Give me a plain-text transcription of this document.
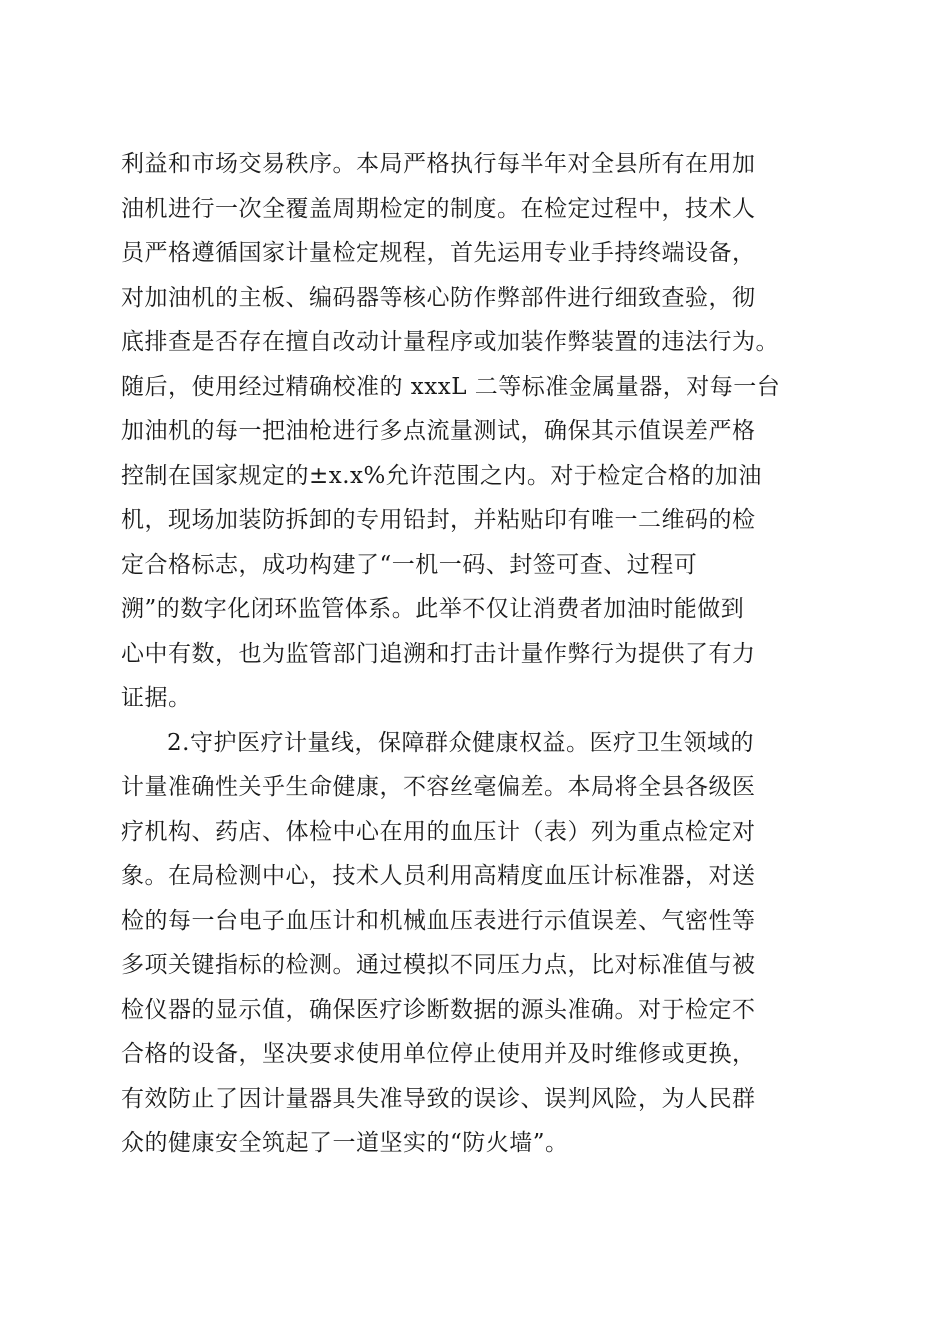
利益和市场交易秩序。本局严格执行每半年对全县所有在用加
油机进行一次全覆盖周期检定的制度。在检定过程中，技术人
员严格遵循国家计量检定规程，首先运用专业手持终端设备，
对加油机的主板、编码器等核心防作弊部件进行细致查验，彻
底排查是否存在擅自改动计量程序或加装作弊装置的违法行为。
随后，使用经过精确校准的 xxxL 二等标准金属量器，对每一台
加油机的每一把油枪进行多点流量测试，确保其示值误差严格
控制在国家规定的±x.x%允许范围之内。对于检定合格的加油
机，现场加装防拆卸的专用铅封，并粘贴印有唯一二维码的检
定合格标志，成功构建了“一机一码、封签可查、过程可
溯”的数字化闭环监管体系。此举不仅让消费者加油时能做到
心中有数，也为监管部门追溯和打击计量作弊行为提供了有力
证据。
2.守护医疗计量线，保障群众健康权益。医疗卫生领域的
计量准确性关乎生命健康，不容丝毫偏差。本局将全县各级医
疗机构、药店、体检中心在用的血压计（表）列为重点检定对
象。在局检测中心，技术人员利用高精度血压计标准器，对送
检的每一台电子血压计和机械血压表进行示值误差、气密性等
多项关键指标的检测。通过模拟不同压力点，比对标准值与被
检仪器的显示值，确保医疗诊断数据的源头准确。对于检定不
合格的设备，坚决要求使用单位停止使用并及时维修或更换，
有效防止了因计量器具失准导致的误诊、误判风险，为人民群
众的健康安全筑起了一道坚实的“防火墙”。
